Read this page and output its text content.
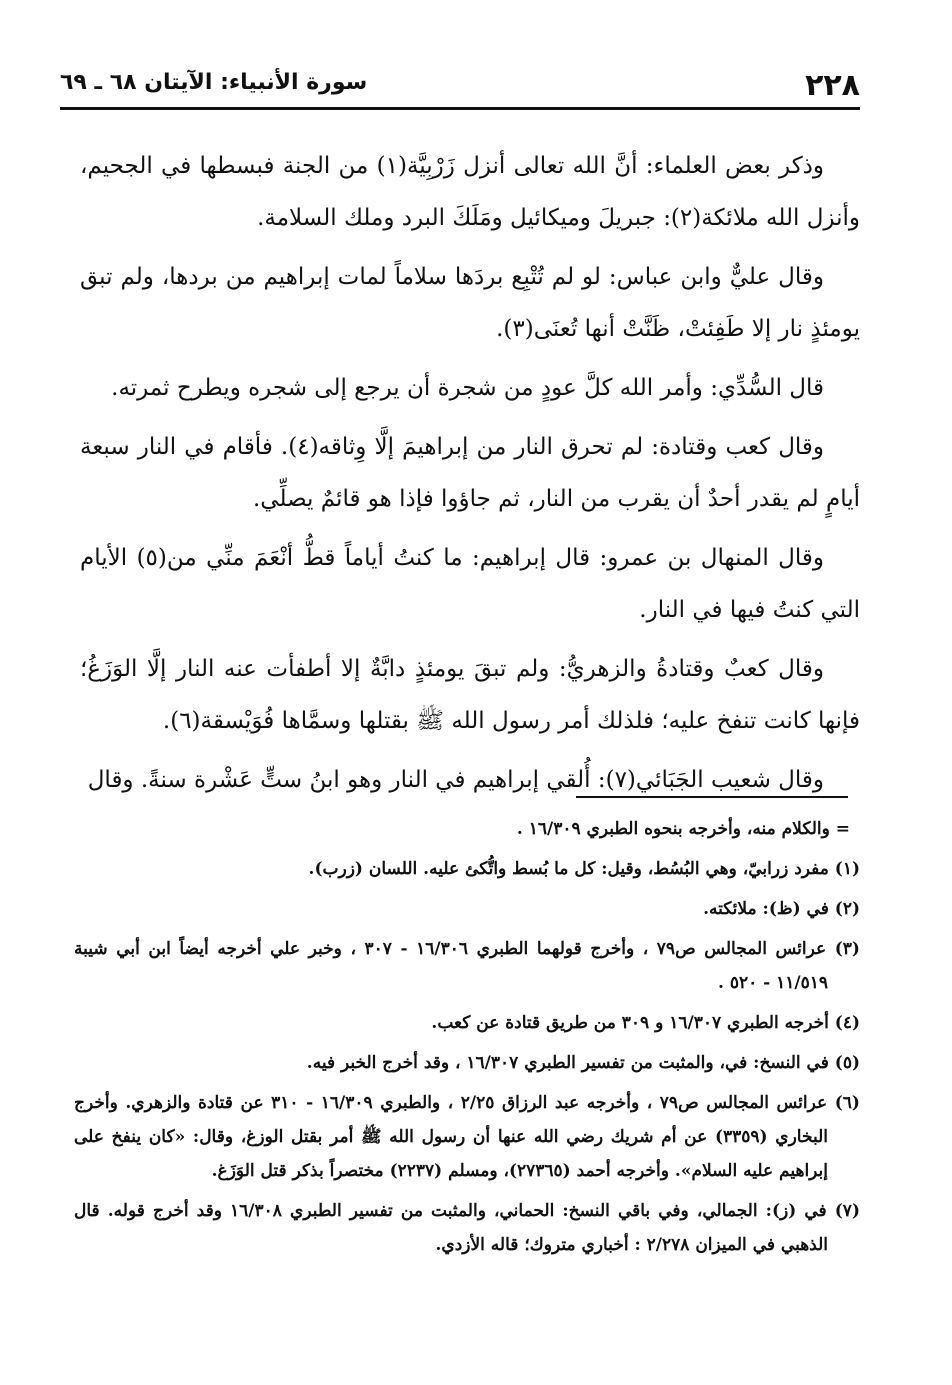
٢٢٨
سورة الأنبياء: الآيتان ٦٨ ـ ٦٩

وذكر بعض العلماء: أنَّ الله تعالى أنزل زَرْبِيَّة(١) من الجنة فبسطها في الجحيم، وأنزل الله ملائكة(٢): جبريلَ وميكائيل ومَلَكَ البرد وملك السلامة.

وقال عليٌّ وابن عباس: لو لم تُتْبِع بردَها سلاماً لمات إبراهيم من بردها، ولم تبق يومئذٍ نار إلا طَفِئتْ، ظَنَّتْ أنها تُعنَى(٣).

قال السُّدِّي: وأمر الله كلَّ عودٍ من شجرة أن يرجع إلى شجره ويطرح ثمرته.

وقال كعب وقتادة: لم تحرق النار من إبراهيمَ إلَّا وِثاقه(٤). فأقام في النار سبعة أيامٍ لم يقدر أحدٌ أن يقرب من النار، ثم جاؤوا فإذا هو قائمٌ يصلِّي.

وقال المنهال بن عمرو: قال إبراهيم: ما كنتُ أياماً قطُّ أنْعَمَ منِّي من(٥) الأيام التي كنتُ فيها في النار.

وقال كعبٌ وقتادةُ والزهريُّ: ولم تبقَ يومئذٍ دابَّةٌ إلا أطفأت عنه النار إلَّا الوَزَغُ؛ فإنها كانت تنفخ عليه؛ فلذلك أمر رسول الله ﷺ بقتلها وسمَّاها فُوَيْسقة(٦).

وقال شعيب الجَبَائي(٧): أُلقي إبراهيم في النار وهو ابنُ ستٍّ عَشْرة سنةً. وقال

= والكلام منه، وأخرجه بنحوه الطبري ١٦/٣٠٩ .
(١) مفرد زرابيّ، وهي البُسُط، وقيل: كل ما بُسط واتُّكئ عليه. اللسان (زرب).
(٢) في (ظ): ملائكته.
(٣) عرائس المجالس ص٧٩ ، وأخرج قولهما الطبري ١٦/٣٠٦ - ٣٠٧ ، وخبر علي أخرجه أيضاً ابن أبي شيبة ١١/٥١٩ - ٥٢٠ .
(٤) أخرجه الطبري ١٦/٣٠٧ و ٣٠٩ من طريق قتادة عن كعب.
(٥) في النسخ: في، والمثبت من تفسير الطبري ١٦/٣٠٧ ، وقد أخرج الخبر فيه.
(٦) عرائس المجالس ص٧٩ ، وأخرجه عبد الرزاق ٢/٢٥ ، والطبري ١٦/٣٠٩ - ٣١٠ عن قتادة والزهري. وأخرج البخاري (٣٣٥٩) عن أم شريك رضي الله عنها أن رسول الله ﷺ أمر بقتل الوزغ، وقال: «كان ينفخ على إبراهيم عليه السلام». وأخرجه أحمد (٢٧٣٦٥)، ومسلم (٢٢٣٧) مختصراً بذكر قتل الوَزَغ.
(٧) في (ز): الجمالي، وفي باقي النسخ: الحماني، والمثبت من تفسير الطبري ١٦/٣٠٨ وقد أخرج قوله. قال الذهبي في الميزان ٢/٢٧٨ : أخباري متروك؛ قاله الأزدي.
